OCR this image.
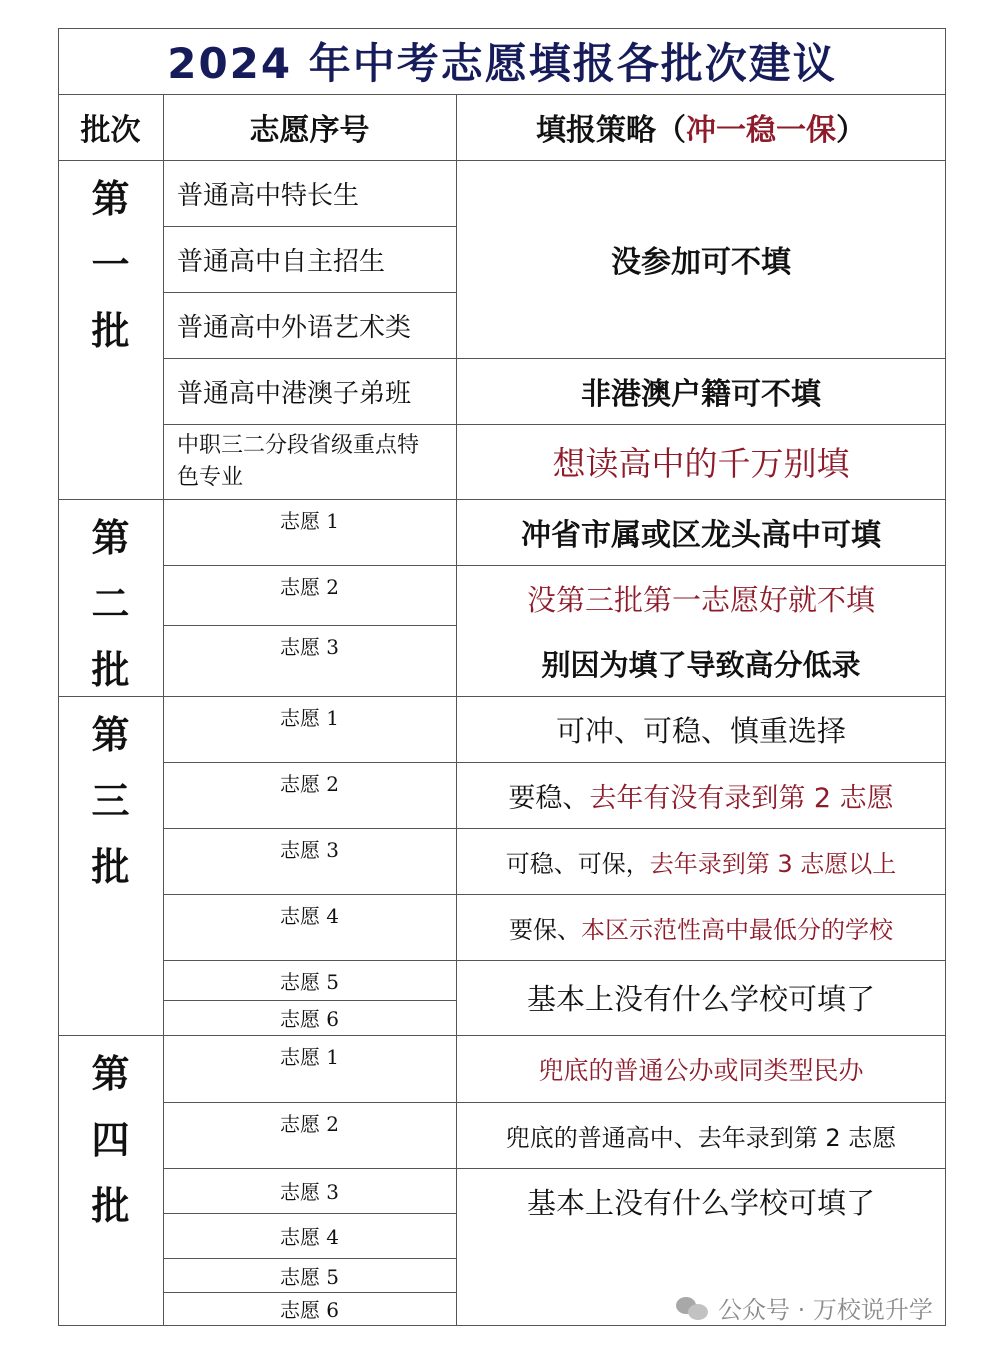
2024 年中考志愿填报各批次建议
批次	志愿序号	填报策略（ 冲一稳一保 ）
第
一
批
普通高中特长生
普通高中自主招生
普通高中外语艺术类
普通高中港澳子弟班
中职三二分段省级重点特色专业
没参加可不填
非港澳户籍可不填
想读高中的千万别填
第
二
批
志愿 1
志愿 2
志愿 3
冲省市属或区龙头高中可填
没第三批第一志愿好就不填
别因为填了导致高分低录
第
三
批
志愿 1
志愿 2
志愿 3
志愿 4
志愿 5
志愿 6
可冲、可稳、慎重选择
要稳、 去年有没有录到第 2 志愿
可稳、可保， 去年录到第 3 志愿以上
要保、 本区示范性高中最低分的学校
基本上没有什么学校可填了
第
四
批
志愿 1
志愿 2
志愿 3
志愿 4
志愿 5
志愿 6
兜底的普通公办或同类型民办
兜底的普通高中、去年录到第 2 志愿
基本上没有什么学校可填了
公众号 · 万校说升学
